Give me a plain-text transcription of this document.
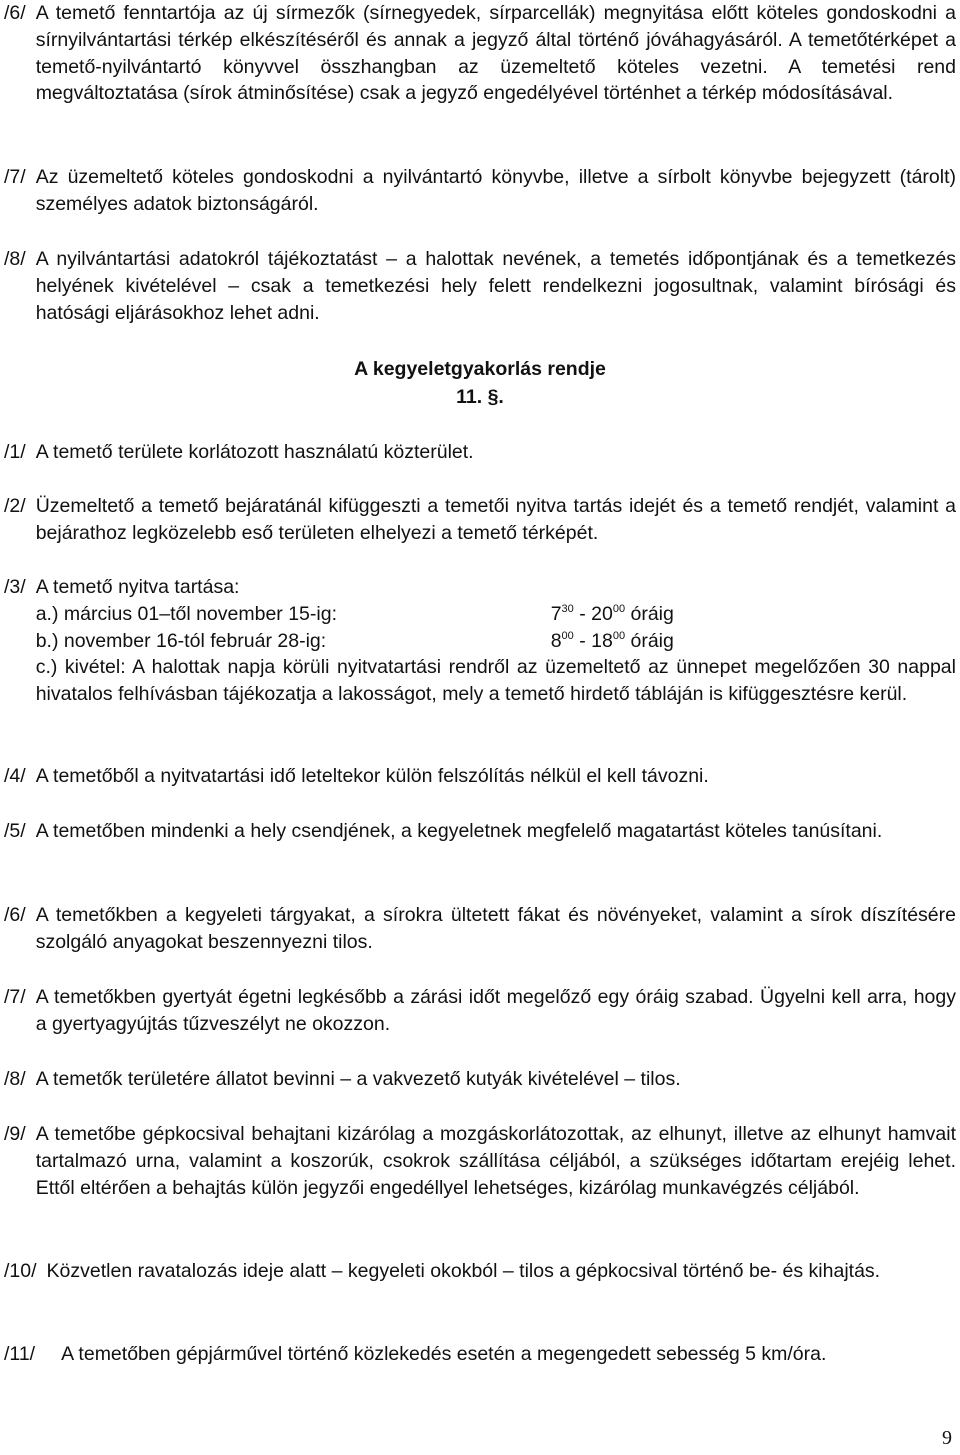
/6/ A temető fenntartója az új sírmezők (sírnegyedek, sírparcellák) megnyitása előtt köteles gondoskodni a sírnyilvántartási térkép elkészítéséről és annak a jegyző által történő jóváhagyásáról. A temetőtérképet a temető-nyilvántartó könyvvel összhangban az üzemeltető köteles vezetni. A temetési rend megváltoztatása (sírok átminősítése) csak a jegyző engedélyével történhet a térkép módosításával.
/7/ Az üzemeltető köteles gondoskodni a nyilvántartó könyvbe, illetve a sírbolt könyvbe bejegyzett (tárolt) személyes adatok biztonságáról.
/8/ A nyilvántartási adatokról tájékoztatást – a halottak nevének, a temetés időpontjának és a temetkezés helyének kivételével – csak a temetkezési hely felett rendelkezni jogosultnak, valamint bírósági és hatósági eljárásokhoz lehet adni.
A kegyeletgyakorlás rendje
11. §.
/1/ A temető területe korlátozott használatú közterület.
/2/ Üzemeltető a temető bejáratánál kifüggeszti a temetői nyitva tartás idejét és a temető rendjét, valamint a bejárathoz legközelebb eső területen elhelyezi a temető térképét.
/3/ A temető nyitva tartása:
a.) március 01–től november 15-ig:	$7^{30} - 20^{00}$ óráig
b.) november 16-tól február 28-ig:	$8^{00} - 18^{00}$ óráig

c.) kivétel: A halottak napja körüli nyitvatartási rendről az üzemeltető az ünnepet megelőzően 30 nappal hivatalos felhívásban tájékozatja a lakosságot, mely a temető hirdető tábláján is kifüggesztésre kerül.

/4/ A temetőből a nyitvatartási idő leteltekor külön felszólítás nélkül el kell távozni.
/5/ A temetőben mindenki a hely csendjének, a kegyeletnek megfelelő magatartást köteles tanúsítani.
/6/ A temetőkben a kegyeleti tárgyakat, a sírokra ültetett fákat és növényeket, valamint a sírok díszítésére szolgáló anyagokat beszennyezni tilos.
/7/ A temetőkben gyertyát égetni legkésőbb a zárási időt megelőző egy óráig szabad. Ügyelni kell arra, hogy a gyertyagyújtás tűzveszélyt ne okozzon.
/8/ A temetők területére állatot bevinni – a vakvezető kutyák kivételével – tilos.
/9/ A temetőbe gépkocsival behajtani kizárólag a mozgáskorlátozottak, az elhunyt, illetve az elhunyt hamvait tartalmazó urna, valamint a koszorúk, csokrok szállítása céljából, a szükséges időtartam erejéig lehet. Ettől eltérően a behajtás külön jegyzői engedéllyel lehetséges, kizárólag munkavégzés céljából.
/10/ Közvetlen ravatalozás ideje alatt – kegyeleti okokból – tilos a gépkocsival történő be- és kihajtás.
/11/	A temetőben gépjárművel történő közlekedés esetén a megengedett sebesség 5 km/óra.
9
